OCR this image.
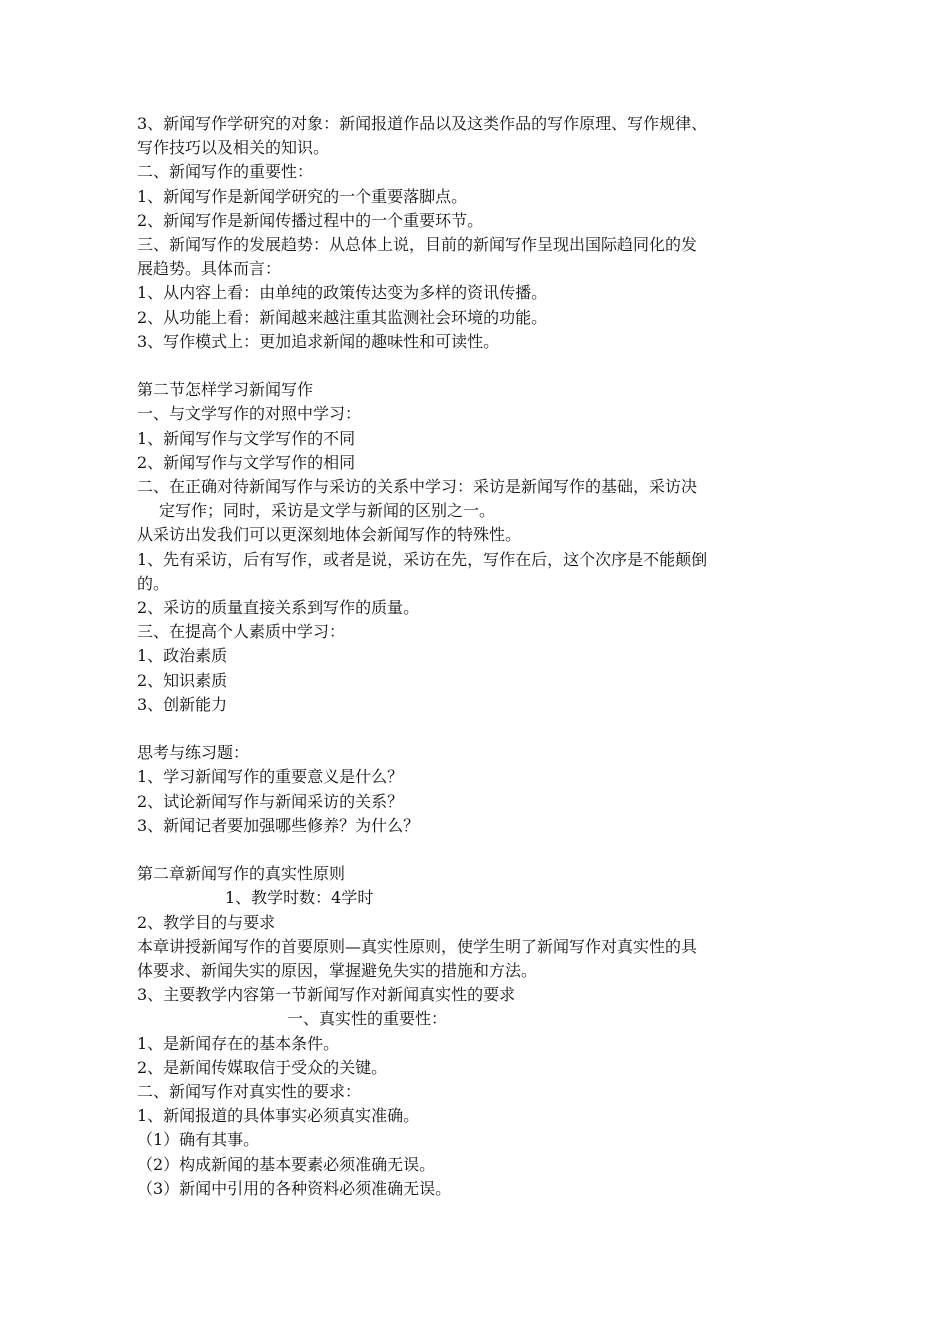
3、新闻写作学研究的对象：新闻报道作品以及这类作品的写作原理、写作规律、
写作技巧以及相关的知识。
二、新闻写作的重要性：
1、新闻写作是新闻学研究的一个重要落脚点。
2、新闻写作是新闻传播过程中的一个重要环节。
三、新闻写作的发展趋势：从总体上说，目前的新闻写作呈现出国际趋同化的发
展趋势。具体而言：
1、从内容上看：由单纯的政策传达变为多样的资讯传播。
2、从功能上看：新闻越来越注重其监测社会环境的功能。
3、写作模式上：更加追求新闻的趣味性和可读性。
第二节怎样学习新闻写作
一、与文学写作的对照中学习：
1、新闻写作与文学写作的不同
2、新闻写作与文学写作的相同
二、在正确对待新闻写作与采访的关系中学习：采访是新闻写作的基础，采访决
定写作；同时，采访是文学与新闻的区别之一。
从采访出发我们可以更深刻地体会新闻写作的特殊性。
1、先有采访，后有写作，或者是说，采访在先，写作在后，这个次序是不能颠倒
的。
2、采访的质量直接关系到写作的质量。
三、在提高个人素质中学习：
1、政治素质
2、知识素质
3、创新能力
思考与练习题：
1、学习新闻写作的重要意义是什么？
2、试论新闻写作与新闻采访的关系？
3、新闻记者要加强哪些修养？为什么？
第二章新闻写作的真实性原则
1、教学时数：4学时
2、教学目的与要求
本章讲授新闻写作的首要原则—真实性原则，使学生明了新闻写作对真实性的具
体要求、新闻失实的原因，掌握避免失实的措施和方法。
3、主要教学内容第一节新闻写作对新闻真实性的要求
一、真实性的重要性：
1、是新闻存在的基本条件。
2、是新闻传媒取信于受众的关键。
二、新闻写作对真实性的要求：
1、新闻报道的具体事实必须真实准确。
（1）确有其事。
（2）构成新闻的基本要素必须准确无误。
（3）新闻中引用的各种资料必须准确无误。
